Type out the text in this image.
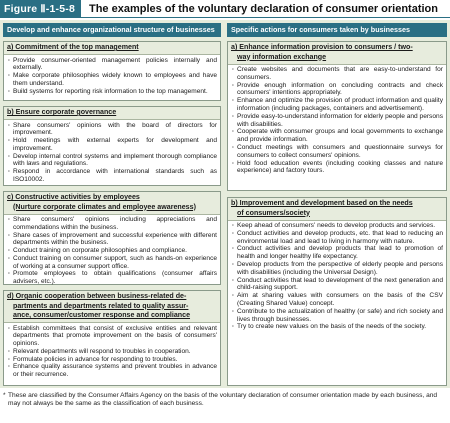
Figure Ⅱ-1-5-8	The examples of the voluntary declaration of consumer orientation
Develop and enhance organizational structure of businesses
a) Commitment of the top management
· Provide consumer-oriented management policies internally and externally.
· Make corporate philosophies widely known to employees and have them understand.
· Build systems for reporting risk information to the top management.
b) Ensure corporate governance
· Share consumers' opinions with the board of directors for improvement.
· Hold meetings with external experts for development and improvement.
· Develop internal control systems and implement thorough compliance with laws and regulations.
· Respond in accordance with international standards such as ISO10002.
c) Constructive activities by employees
(Nurture corporate climates and employee awareness)
· Share consumers' opinions including appreciations and commendations within the business.
· Share cases of improvement and successful experience with different departments within the business.
· Conduct training on corporate philosophies and compliance.
· Conduct training on consumer support, such as hands-on experience of working at a consumer support office.
· Promote employees to obtain qualifications (consumer affairs advisers, etc.).
d) Organic cooperation between business-related de-
partments and departments related to quality assur-
ance, consumer/customer response and compliance
· Establish committees that consist of exclusive entities and relevant departments that promote improvement on the basis of consumers' opinions.
· Relevant departments will respond to troubles in cooperation.
· Formulate policies in advance for responding to troubles.
· Enhance quality assurance systems and prevent troubles in advance or their recurrence.
Specific actions for consumers taken by businesses
a) Enhance information provision to consumers / two-
way information exchange
· Create websites and documents that are easy-to-understand for consumers.
· Provide enough information on concluding contracts and check consumers' intentions appropriately.
· Enhance and optimize the provision of product information and quality information (including packages, containers and advertisement).
· Provide easy-to-understand information for elderly people and persons with disabilities.
· Cooperate with consumer groups and local governments to exchange and provide information.
· Conduct meetings with consumers and questionnaire surveys for consumers to collect consumers' opinions.
· Hold food education events (including cooking classes and nature experience) and factory tours.
b) Improvement and development based on the needs
of consumers/society
· Keep ahead of consumers' needs to develop products and services.
· Conduct activities and develop products, etc. that lead to reducing an environmental load and lead to living in harmony with nature.
· Conduct activities and develop products that lead to promotion of health and longer healthy life expectancy.
· Develop products from the perspective of elderly people and persons with disabilities (including the Universal Design).
· Conduct activities that lead to development of the next generation and child-raising support.
· Aim at sharing values with consumers on the basis of the CSV (Creating Shared Value) concept.
· Contribute to the actualization of healthy (or safe) and rich society and lives through businesses.
· Try to create new values on the basis of the needs of the society.
* These are classified by the Consumer Affairs Agency on the basis of the voluntary declaration of consumer orientation made by each business, and may not always be the same as the classification of each business.
